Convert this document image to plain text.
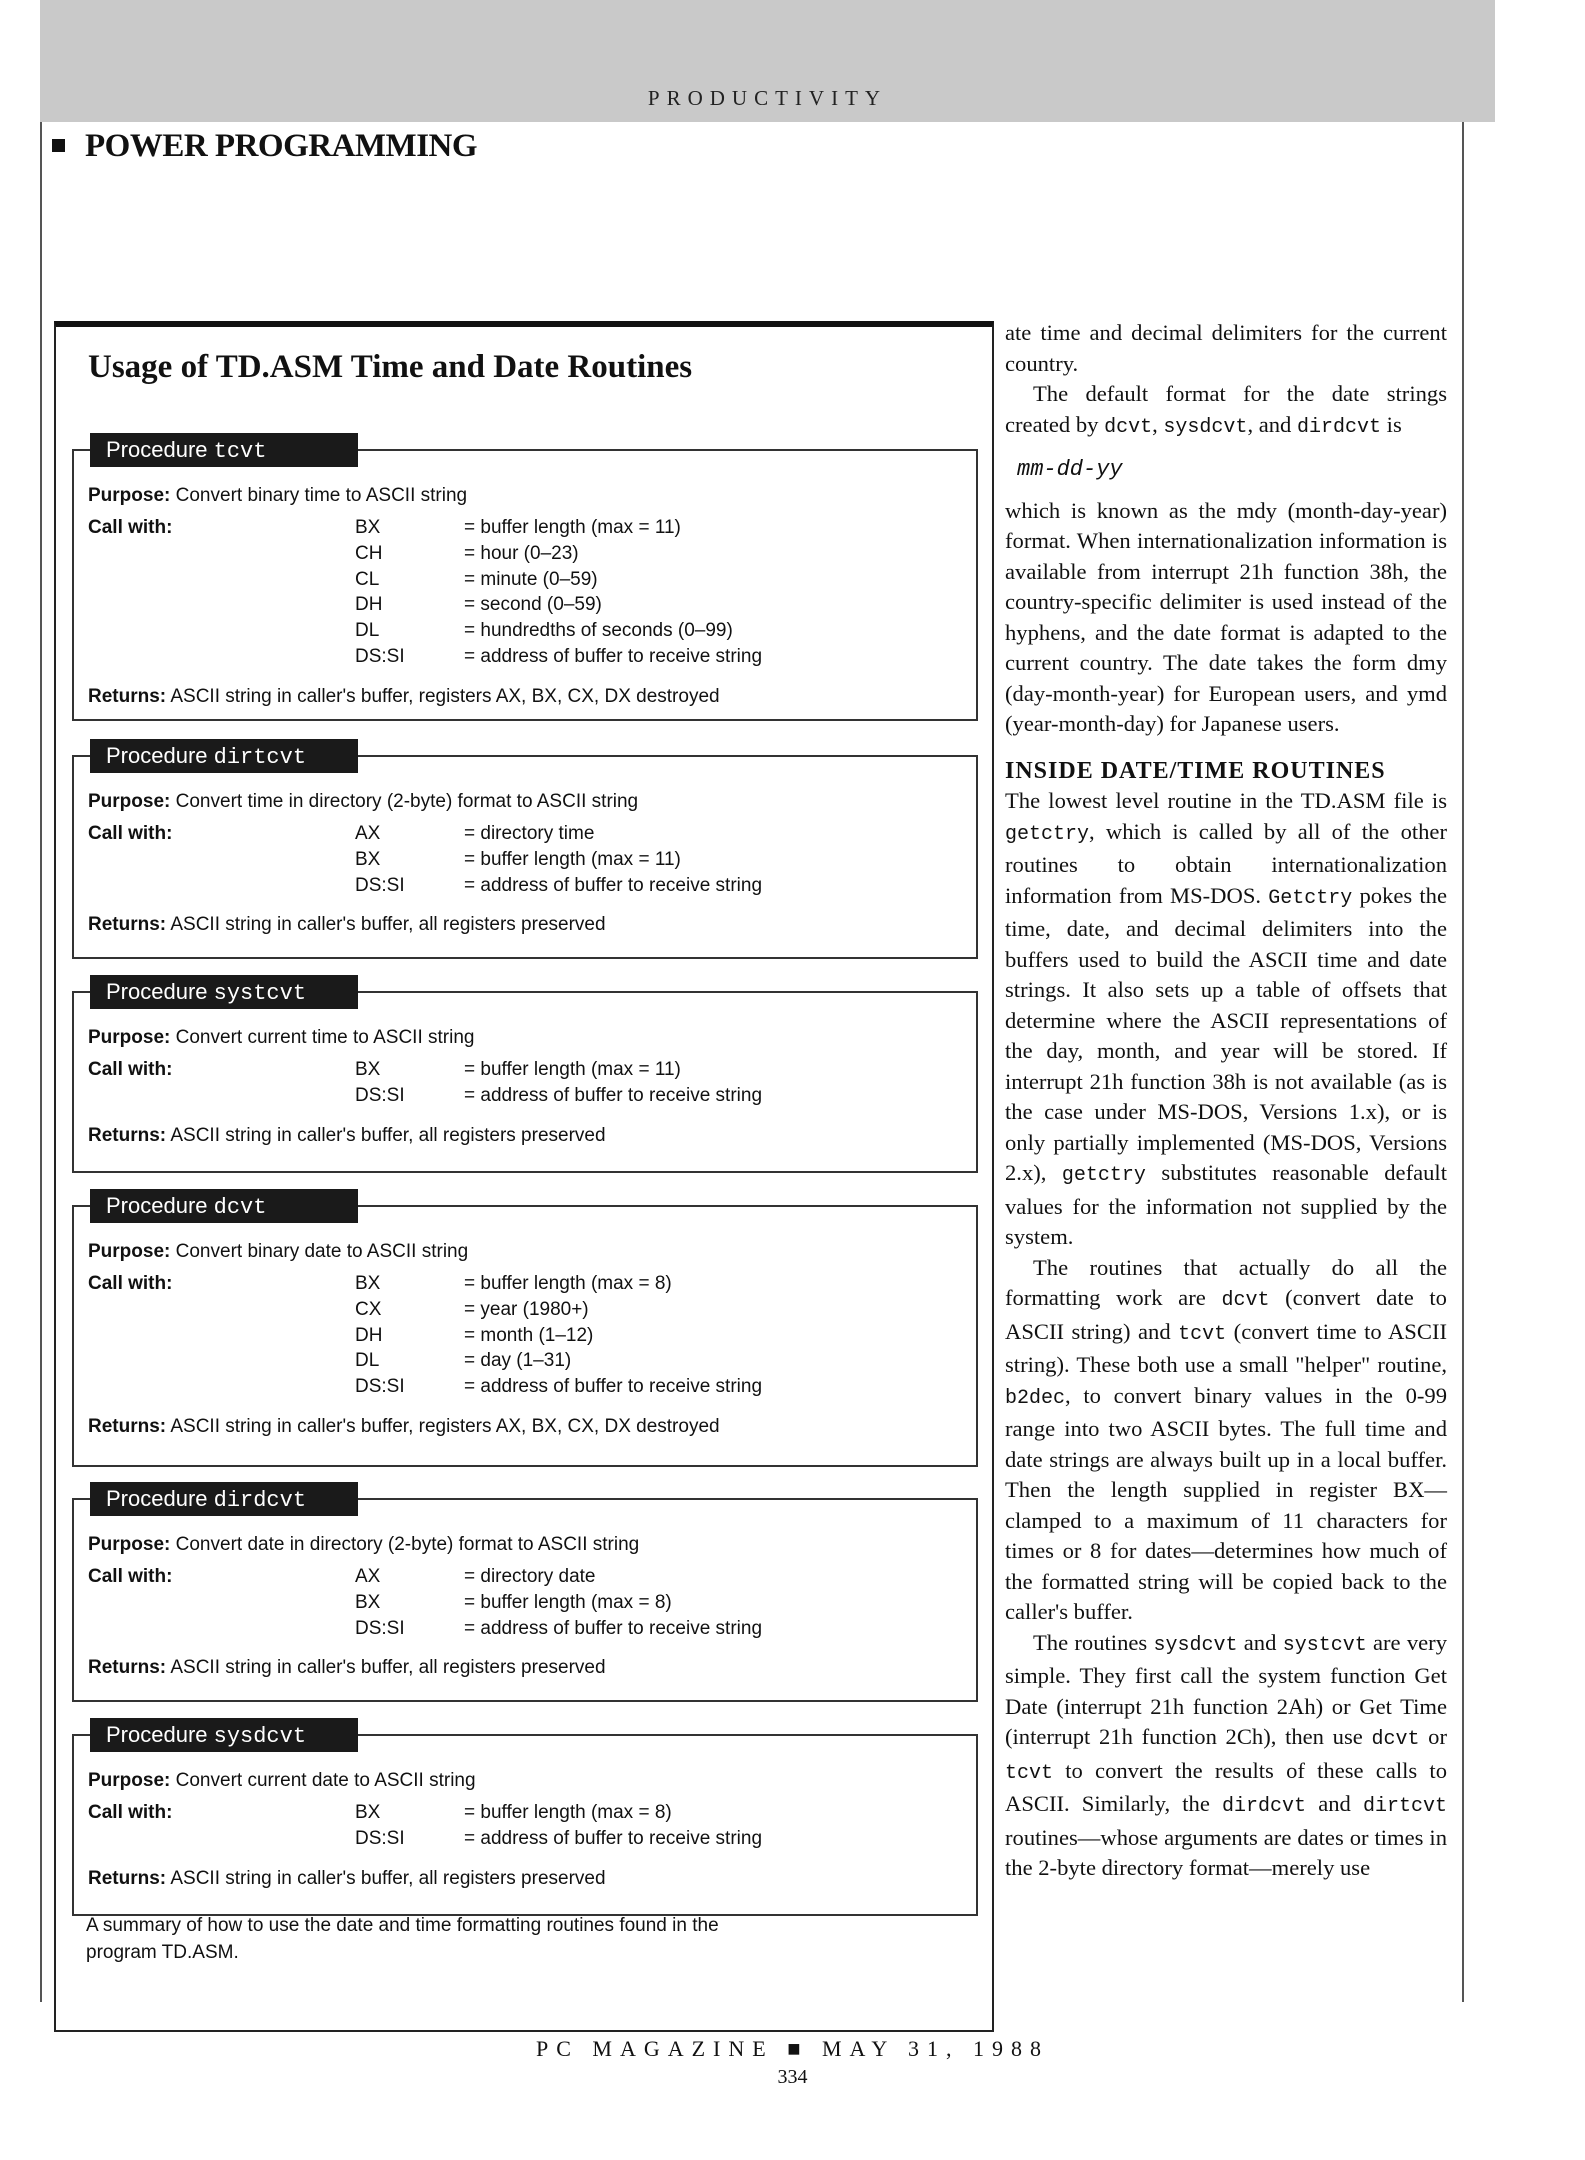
PRODUCTIVITY
POWER PROGRAMMING
Usage of TD.ASM Time and Date Routines
Procedure tcvt
Purpose: Convert binary time to ASCII string
Call with:	BX	= buffer length (max = 11)
CH	= hour (0–23)
CL	= minute (0–59)
DH	= second (0–59)
DL	= hundredths of seconds (0–99)
DS:SI	= address of buffer to receive string
Returns: ASCII string in caller's buffer, registers AX, BX, CX, DX destroyed
Procedure dirtcvt
Purpose: Convert time in directory (2-byte) format to ASCII string
Call with:	AX	= directory time
BX	= buffer length (max = 11)
DS:SI	= address of buffer to receive string
Returns: ASCII string in caller's buffer, all registers preserved
Procedure systcvt
Purpose: Convert current time to ASCII string
Call with:	BX	= buffer length (max = 11)
DS:SI	= address of buffer to receive string
Returns: ASCII string in caller's buffer, all registers preserved
Procedure dcvt
Purpose: Convert binary date to ASCII string
Call with:	BX	= buffer length (max = 8)
CX	= year (1980+)
DH	= month (1–12)
DL	= day (1–31)
DS:SI	= address of buffer to receive string
Returns: ASCII string in caller's buffer, registers AX, BX, CX, DX destroyed
Procedure dirdcvt
Purpose: Convert date in directory (2-byte) format to ASCII string
Call with:	AX	= directory date
BX	= buffer length (max = 8)
DS:SI	= address of buffer to receive string
Returns: ASCII string in caller's buffer, all registers preserved
Procedure sysdcvt
Purpose: Convert current date to ASCII string
Call with:	BX	= buffer length (max = 8)
DS:SI	= address of buffer to receive string
Returns: ASCII string in caller's buffer, all registers preserved
A summary of how to use the date and time formatting routines found in the program TD.ASM.

ate time and decimal delimiters for the current country.

The default format for the date strings created by dcvt, sysdcvt, and dirdcvt is

mm-dd-yy

which is known as the mdy (month-day-year) format. When internationalization information is available from interrupt 21h function 38h, the country-specific delimiter is used instead of the hyphens, and the date format is adapted to the current country. The date takes the form dmy (day-month-year) for European users, and ymd (year-month-day) for Japanese users.

INSIDE DATE/TIME ROUTINES

The lowest level routine in the TD.ASM file is getctry, which is called by all of the other routines to obtain internationalization information from MS-DOS. Getctry pokes the time, date, and decimal delimiters into the buffers used to build the ASCII time and date strings. It also sets up a table of offsets that determine where the ASCII representations of the day, month, and year will be stored. If interrupt 21h function 38h is not available (as is the case under MS-DOS, Versions 1.x), or is only partially implemented (MS-DOS, Versions 2.x), getctry substitutes reasonable default values for the information not supplied by the system.

The routines that actually do all the formatting work are dcvt (convert date to ASCII string) and tcvt (convert time to ASCII string). These both use a small "helper" routine, b2dec, to convert binary values in the 0-99 range into two ASCII bytes. The full time and date strings are always built up in a local buffer. Then the length supplied in register BX—clamped to a maximum of 11 characters for times or 8 for dates—determines how much of the formatted string will be copied back to the caller's buffer.

The routines sysdcvt and systcvt are very simple. They first call the system function Get Date (interrupt 21h function 2Ah) or Get Time (interrupt 21h function 2Ch), then use dcvt or tcvt to convert the results of these calls to ASCII. Similarly, the dirdcvt and dirtcvt routines—whose arguments are dates or times in the 2-byte directory format—merely use

PC MAGAZINE ■ MAY 31, 1988
334
